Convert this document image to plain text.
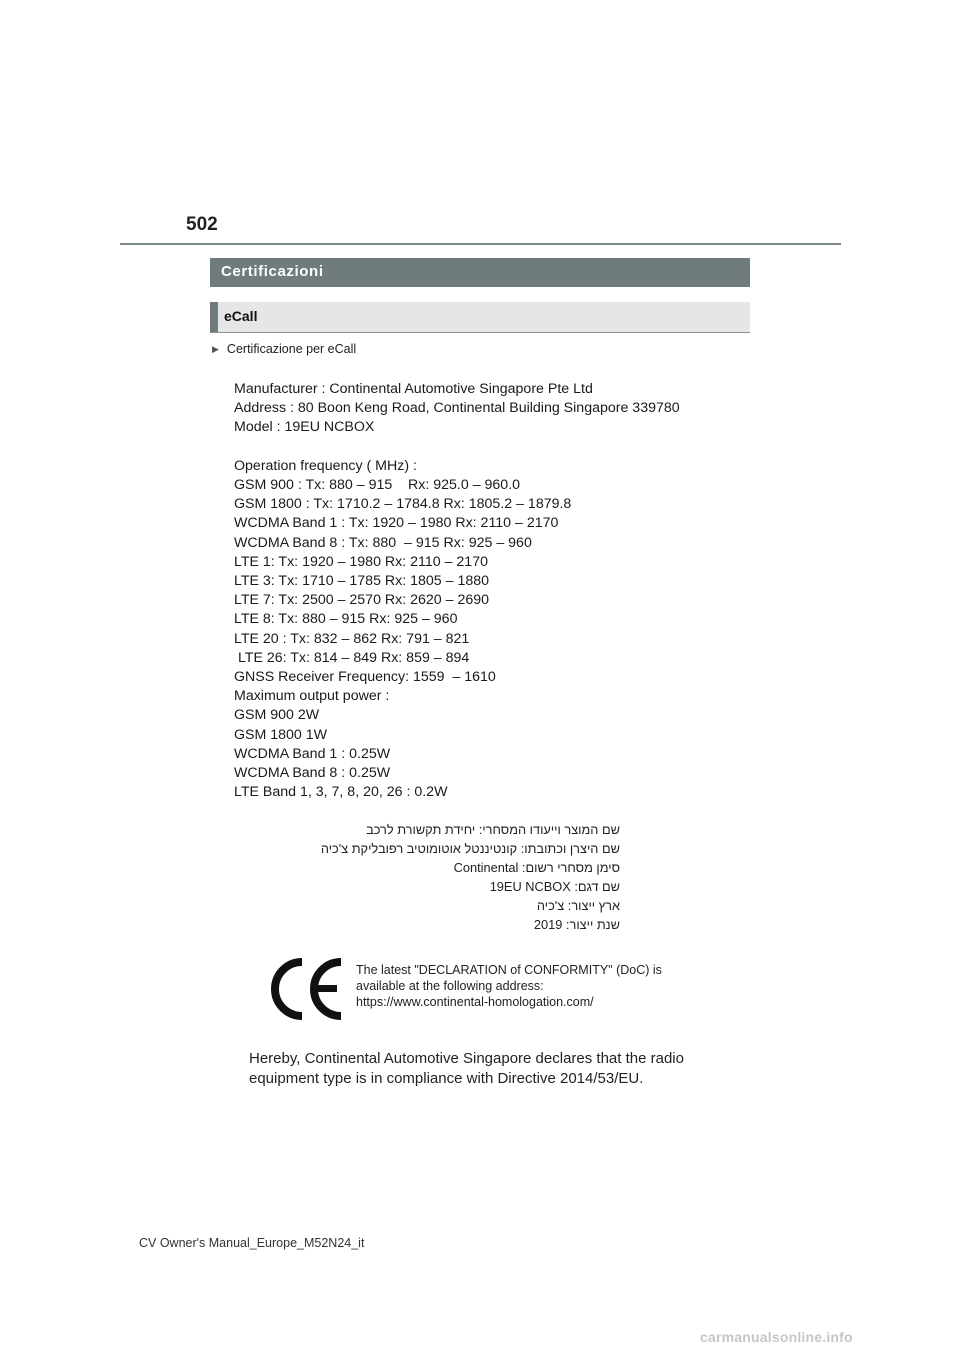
502
Certificazioni
eCall
▶ Certificazione per eCall
Manufacturer : Continental Automotive Singapore Pte Ltd
Address : 80 Boon Keng Road, Continental Building Singapore 339780
Model : 19EU NCBOX
Operation frequency ( MHz) :
GSM 900 : Tx: 880 – 915    Rx: 925.0 – 960.0
GSM 1800 : Tx: 1710.2 – 1784.8 Rx: 1805.2 – 1879.8
WCDMA Band 1 : Tx: 1920 – 1980 Rx: 2110 – 2170
WCDMA Band 8 : Tx: 880  – 915 Rx: 925 – 960
LTE 1: Tx: 1920 – 1980 Rx: 2110 – 2170
LTE 3: Tx: 1710 – 1785 Rx: 1805 – 1880
LTE 7: Tx: 2500 – 2570 Rx: 2620 – 2690
LTE 8: Tx: 880 – 915 Rx: 925 – 960
LTE 20 : Tx: 832 – 862 Rx: 791 – 821
LTE 26: Tx: 814 – 849 Rx: 859 – 894
GNSS Receiver Frequency: 1559  – 1610
Maximum output power :
GSM 900 2W
GSM 1800 1W
WCDMA Band 1 : 0.25W
WCDMA Band 8 : 0.25W
LTE Band 1, 3, 7, 8, 20, 26 : 0.2W
שם המוצר וייעודו המסחרי: יחידת תקשורת לרכב
שם היצרן וכתובתו: קונטיננטל אוטומוטיב רפובליקת צ'כיה
סימן מסחרי רשום: Continental
שם דגם: 19EU NCBOX
ארץ ייצור: צ'כיה
שנת ייצור: 2019
The latest "DECLARATION of CONFORMITY" (DoC) is
available at the following address:
https://www.continental-homologation.com/
Hereby, Continental Automotive Singapore declares that the radio
equipment type is in compliance with Directive 2014/53/EU.
CV Owner's Manual_Europe_M52N24_it
carmanualsonline.info
